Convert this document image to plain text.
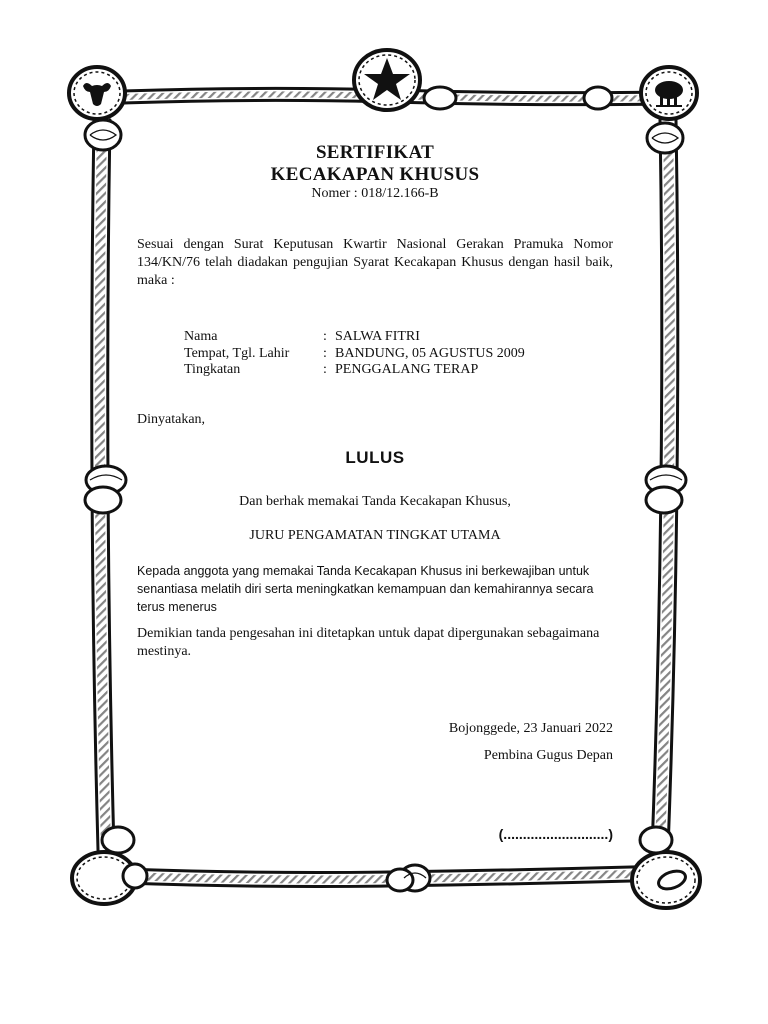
SERTIFIKAT
KECAKAPAN KHUSUS
Nomer : 018/12.166-B

Sesuai dengan Surat Keputusan Kwartir Nasional Gerakan Pramuka Nomor 134/KN/76 telah diadakan pengujian Syarat Kecakapan Khusus dengan hasil baik, maka :

Nama	: SALWA FITRI
Tempat, Tgl. Lahir : BANDUNG, 05 AGUSTUS 2009
Tingkatan	: PENGGALANG TERAP
Dinyatakan,
LULUS
Dan berhak memakai Tanda Kecakapan Khusus,
JURU PENGAMATAN TINGKAT UTAMA

Kepada anggota yang memakai Tanda Kecakapan Khusus ini berkewajiban untuk senantiasa melatih diri serta meningkatkan kemampuan dan kemahirannya secara terus menerus

Demikian tanda pengesahan ini ditetapkan untuk dapat dipergunakan sebagaimana mestinya.

Bojonggede, 23 Januari 2022
Pembina Gugus Depan
(...........................)
